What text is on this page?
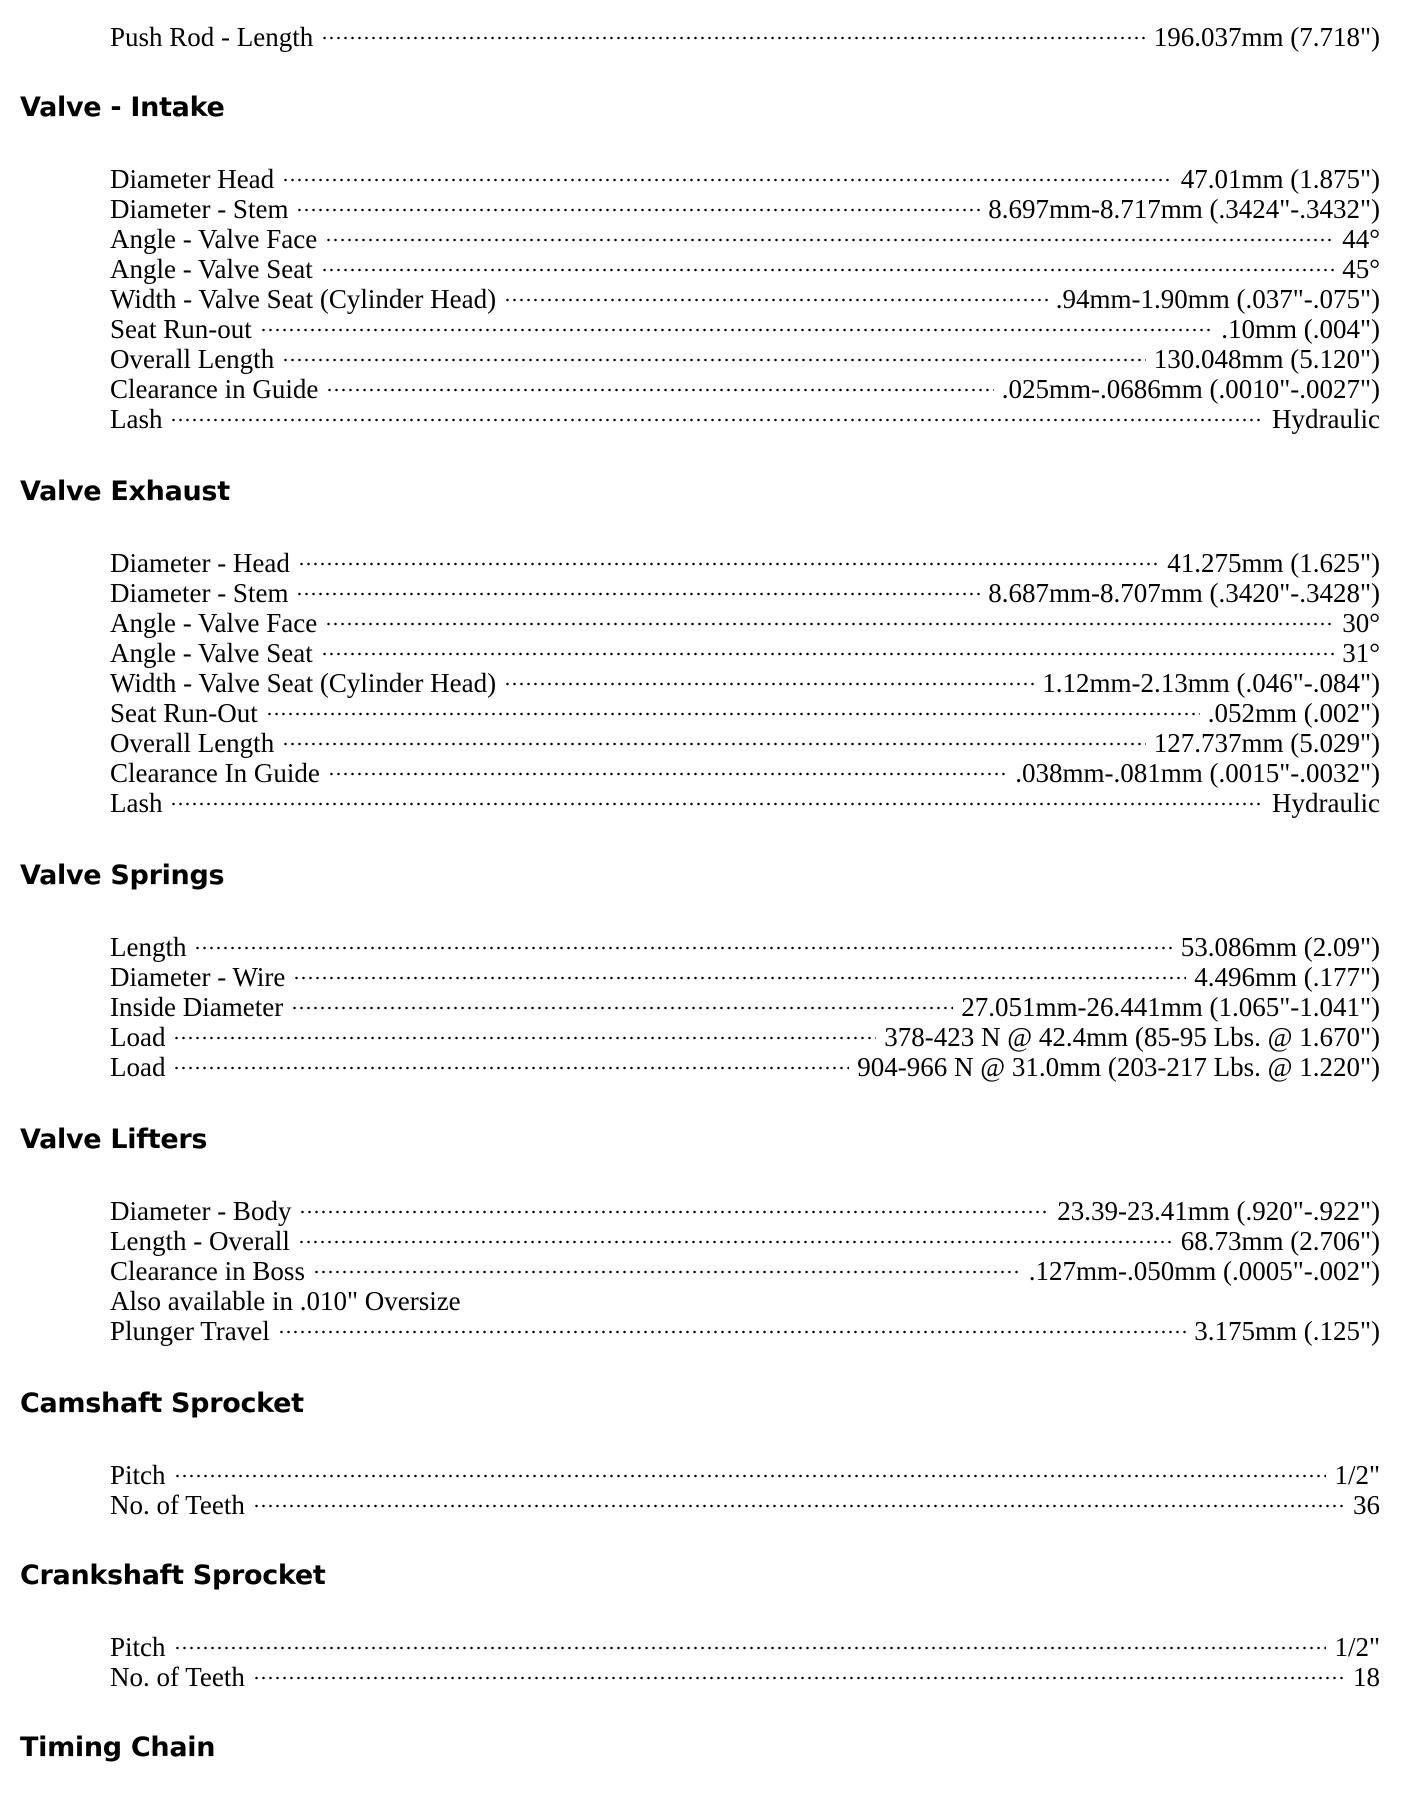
Push Rod - Length	196.037mm (7.718")
Valve - Intake
Diameter Head	47.01mm (1.875")
Diameter - Stem	8.697mm-8.717mm (.3424"-.3432")
Angle - Valve Face	44°
Angle - Valve Seat	45°
Width - Valve Seat (Cylinder Head)	.94mm-1.90mm (.037"-.075")
Seat Run-out	.10mm (.004")
Overall Length	130.048mm (5.120")
Clearance in Guide	.025mm-.0686mm (.0010"-.0027")
Lash	Hydraulic
Valve Exhaust
Diameter - Head	41.275mm (1.625")
Diameter - Stem	8.687mm-8.707mm (.3420"-.3428")
Angle - Valve Face	30°
Angle - Valve Seat	31°
Width - Valve Seat (Cylinder Head)	1.12mm-2.13mm (.046"-.084")
Seat Run-Out	.052mm (.002")
Overall Length	127.737mm (5.029")
Clearance In Guide	.038mm-.081mm (.0015"-.0032")
Lash	Hydraulic
Valve Springs
Length	53.086mm (2.09")
Diameter - Wire	4.496mm (.177")
Inside Diameter	27.051mm-26.441mm (1.065"-1.041")
Load	378-423 N @ 42.4mm (85-95 Lbs. @ 1.670")
Load	904-966 N @ 31.0mm (203-217 Lbs. @ 1.220")
Valve Lifters
Diameter - Body	23.39-23.41mm (.920"-.922")
Length - Overall	68.73mm (2.706")
Clearance in Boss	.127mm-.050mm (.0005"-.002")
Also available in .010" Oversize
Plunger Travel	3.175mm (.125")
Camshaft Sprocket
Pitch	1/2"
No. of Teeth	36
Crankshaft Sprocket
Pitch	1/2"
No. of Teeth	18
Timing Chain
